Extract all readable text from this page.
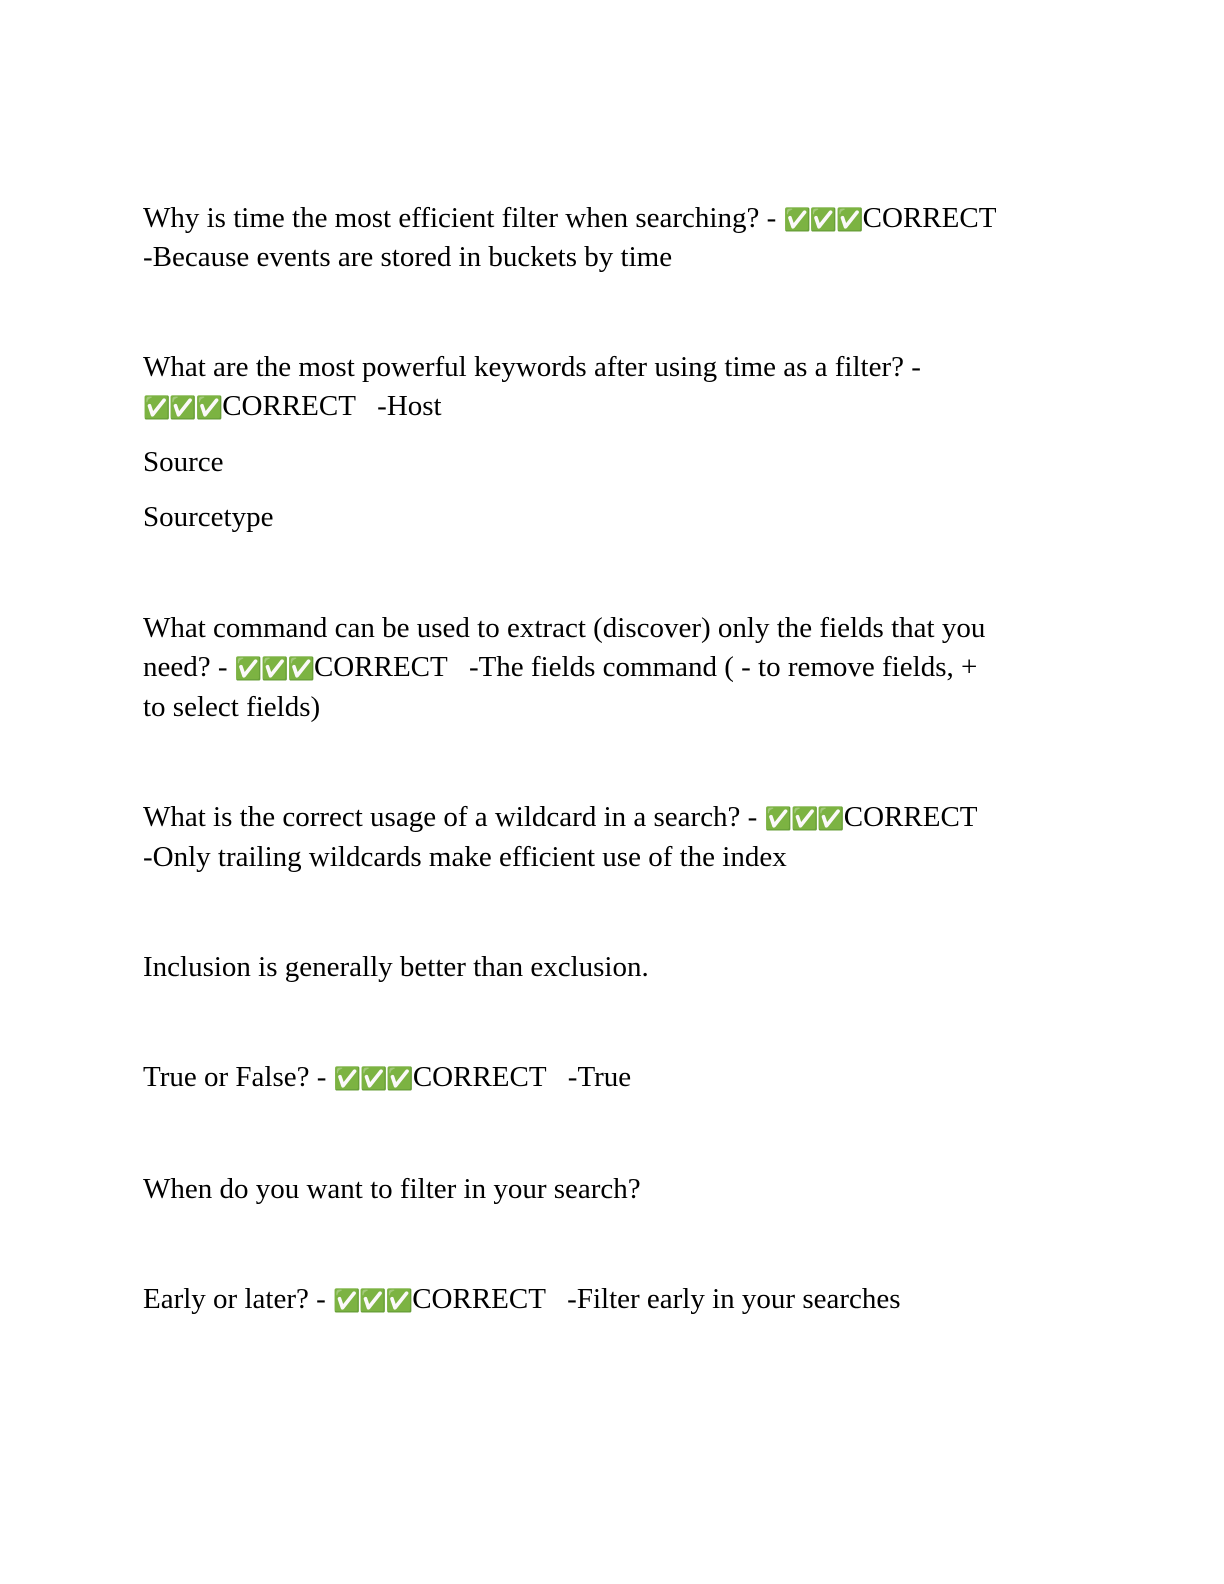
Why is time the most efficient filter when searching? - ✅✅✅CORRECT
-Because events are stored in buckets by time
What are the most powerful keywords after using time as a filter? -
✅✅✅CORRECT   -Host
Source
Sourcetype
What command can be used to extract (discover) only the fields that you
need? - ✅✅✅CORRECT   -The fields command ( - to remove fields, +
to select fields)
What is the correct usage of a wildcard in a search? - ✅✅✅CORRECT
-Only trailing wildcards make efficient use of the index
Inclusion is generally better than exclusion.
True or False? - ✅✅✅CORRECT   -True
When do you want to filter in your search?
Early or later? - ✅✅✅CORRECT   -Filter early in your searches
